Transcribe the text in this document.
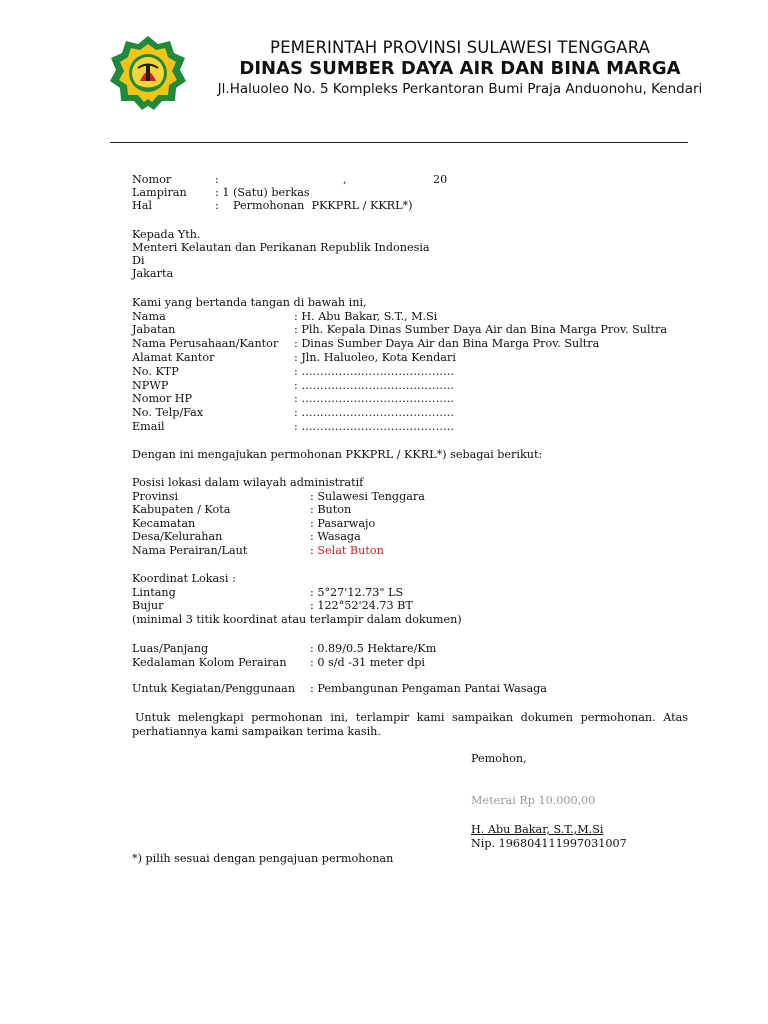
PEMERINTAH PROVINSI SULAWESI TENGGARA
DINAS SUMBER DAYA AIR DAN BINA MARGA
Jl.Haluoleo No. 5 Kompleks Perkantoran Bumi Praja Anduonohu, Kendari
Nomor	:	,	20
Lampiran	: 1 (Satu) berkas
Hal	:    Permohonan  PKKPRL / KKRL*)
Kepada Yth.
Menteri Kelautan dan Perikanan Republik Indonesia
Di
Jakarta
Kami yang bertanda tangan di bawah ini,
Nama	: H. Abu Bakar, S.T., M.Si
Jabatan	: Plh. Kepala Dinas Sumber Daya Air dan Bina Marga Prov. Sultra
Nama Perusahaan/Kantor : Dinas Sumber Daya Air dan Bina Marga Prov. Sultra
Alamat Kantor	: Jln. Haluoleo, Kota Kendari
No. KTP	: …………………………………..
NPWP	: …………………………………..
Nomor HP	: …………………………………..
No. Telp/Fax	: …………………………………..
Email	: …………………………………..
Dengan ini mengajukan permohonan PKKPRL / KKRL*) sebagai berikut:
Posisi lokasi dalam wilayah administratif
Provinsi	: Sulawesi Tenggara
Kabupaten / Kota	: Buton
Kecamatan	: Pasarwajo
Desa/Kelurahan	: Wasaga
Nama Perairan/Laut	: Selat Buton
Koordinat Lokasi :
Lintang	: 5°27'12.73" LS
Bujur	: 122°52'24.73 BT
(minimal 3 titik koordinat atau terlampir dalam dokumen)
Luas/Panjang	: 0.89/0.5 Hektare/Km
Kedalaman Kolom Perairan : 0 s/d -31 meter dpi
Untuk Kegiatan/Penggunaan : Pembangunan Pengaman Pantai Wasaga
Untuk melengkapi permohonan ini, terlampir kami sampaikan dokumen permohonan. Atas perhatiannya kami sampaikan terima kasih.
Pemohon,
Meterai Rp 10.000,00
H. Abu Bakar, S.T.,M.Si
Nip. 196804111997031007
*) pilih sesuai dengan pengajuan permohonan
